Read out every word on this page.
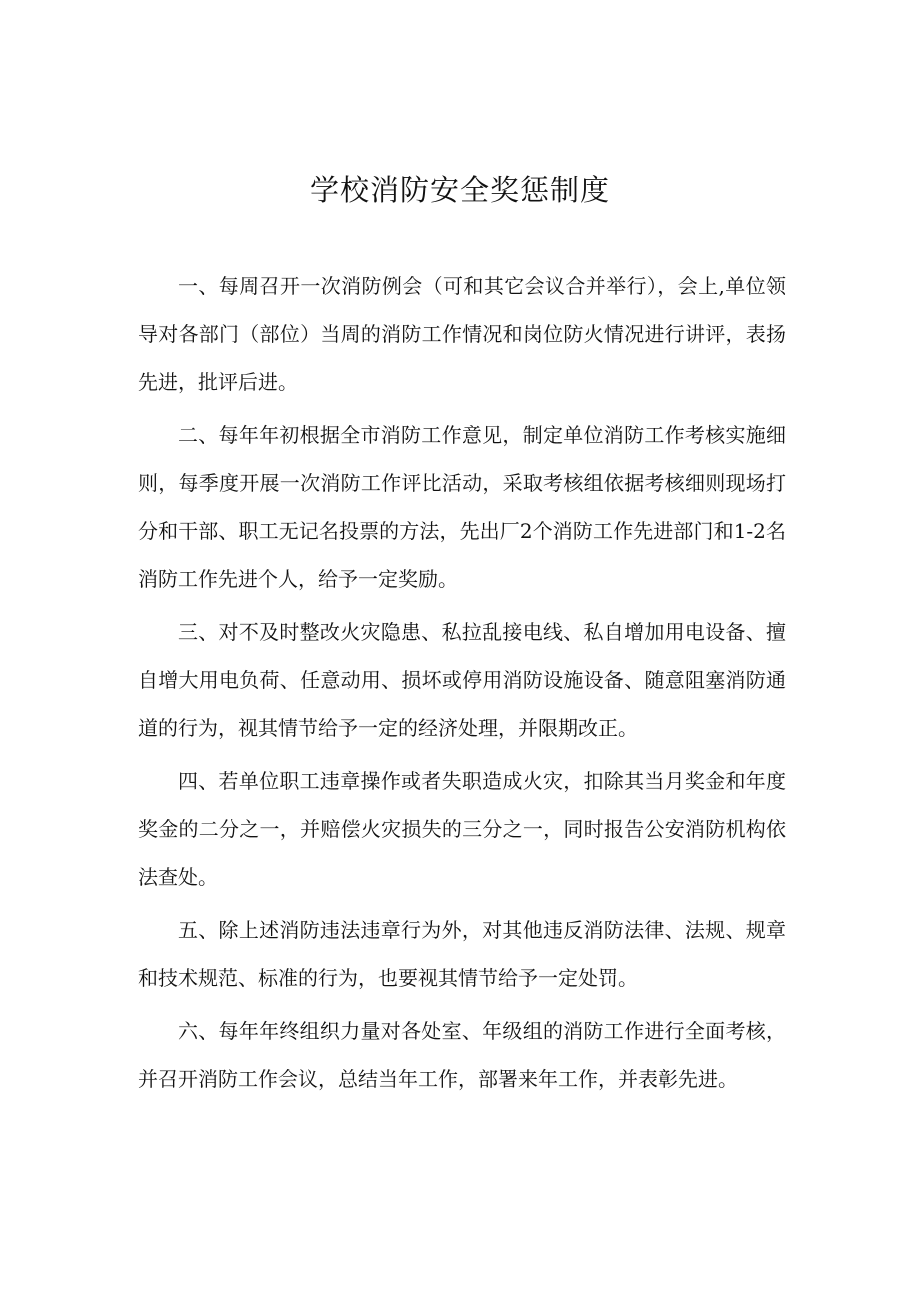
学校消防安全奖惩制度

一、每周召开一次消防例会（可和其它会议合并举行），会上,单位领导对各部门（部位）当周的消防工作情况和岗位防火情况进行讲评，表扬先进，批评后进。

二、每年年初根据全市消防工作意见，制定单位消防工作考核实施细则，每季度开展一次消防工作评比活动，采取考核组依据考核细则现场打分和干部、职工无记名投票的方法，先出厂2个消防工作先进部门和1-2名消防工作先进个人，给予一定奖励。

三、对不及时整改火灾隐患、私拉乱接电线、私自增加用电设备、擅自增大用电负荷、任意动用、损坏或停用消防设施设备、随意阻塞消防通道的行为，视其情节给予一定的经济处理，并限期改正。

四、若单位职工违章操作或者失职造成火灾，扣除其当月奖金和年度奖金的二分之一，并赔偿火灾损失的三分之一，同时报告公安消防机构依法查处。

五、除上述消防违法违章行为外，对其他违反消防法律、法规、规章和技术规范、标准的行为，也要视其情节给予一定处罚。

六、每年年终组织力量对各处室、年级组的消防工作进行全面考核，并召开消防工作会议，总结当年工作，部署来年工作，并表彰先进。
